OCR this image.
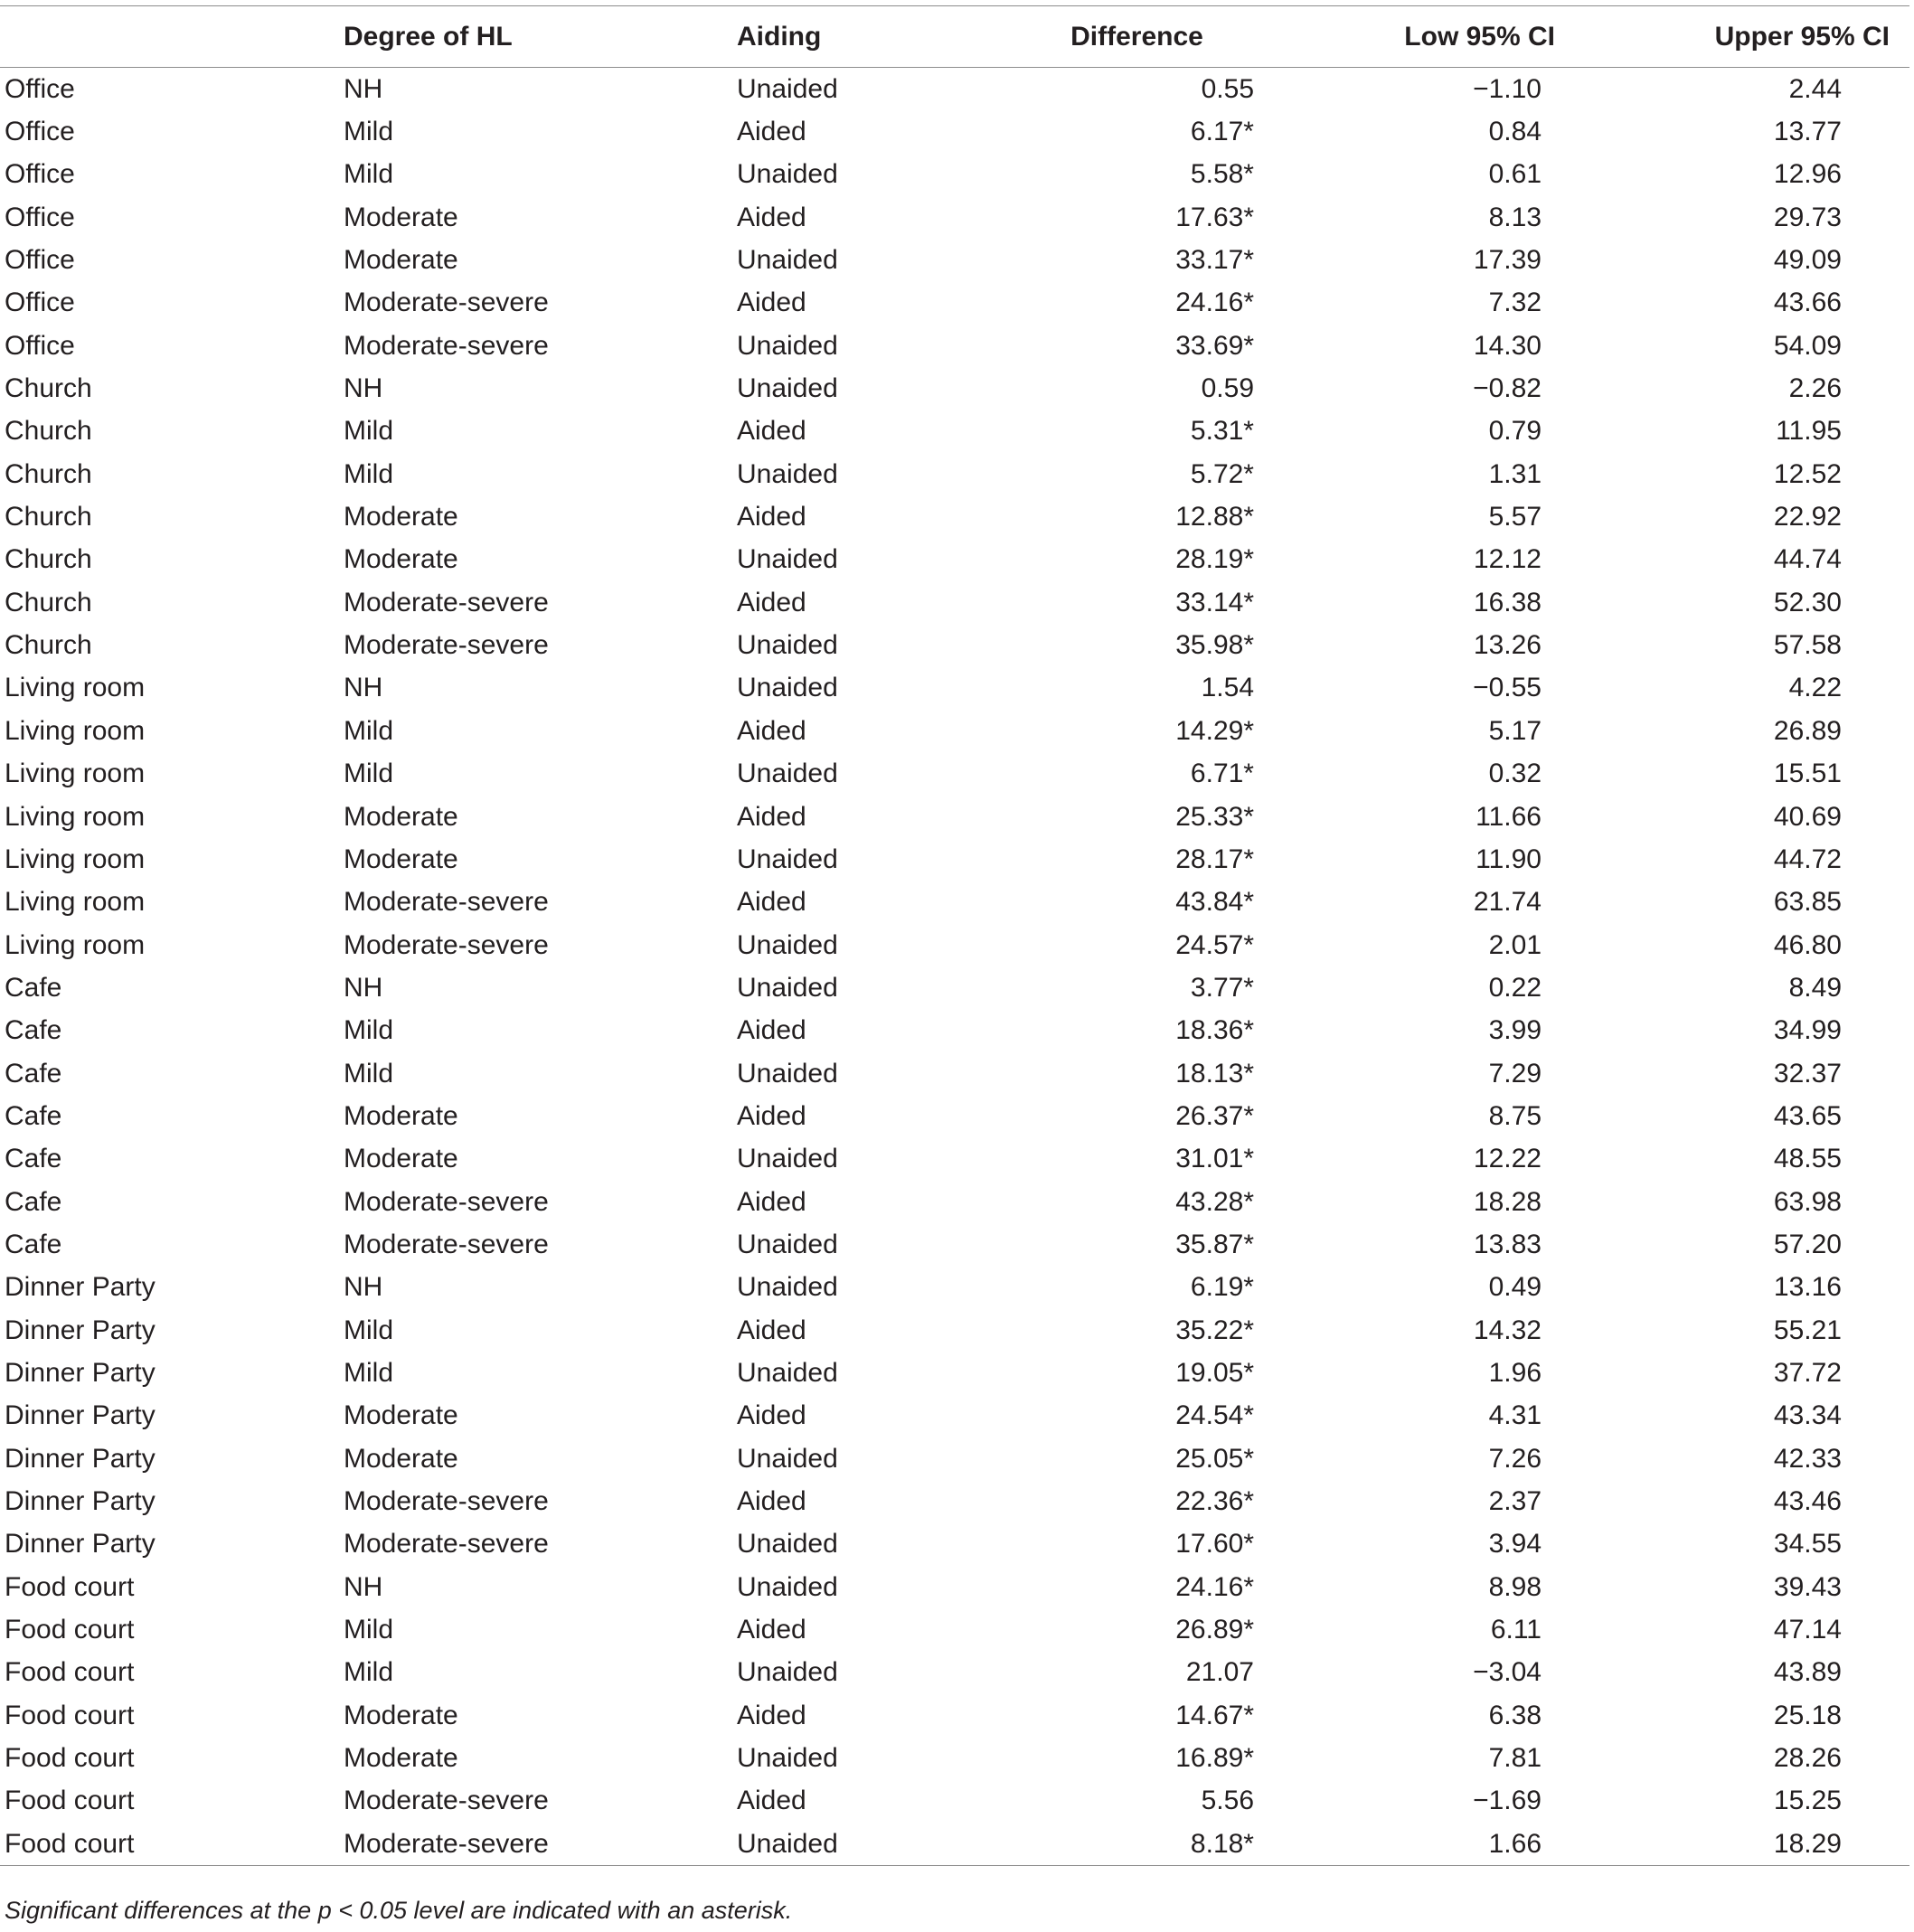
	Degree of HL	Aiding	Difference	Low 95% CI	Upper 95% CI
Office	NH	Unaided	0.55	−1.10	2.44
Office	Mild	Aided	6.17*	0.84	13.77
Office	Mild	Unaided	5.58*	0.61	12.96
Office	Moderate	Aided	17.63*	8.13	29.73
Office	Moderate	Unaided	33.17*	17.39	49.09
Office	Moderate-severe	Aided	24.16*	7.32	43.66
Office	Moderate-severe	Unaided	33.69*	14.30	54.09
Church	NH	Unaided	0.59	−0.82	2.26
Church	Mild	Aided	5.31*	0.79	11.95
Church	Mild	Unaided	5.72*	1.31	12.52
Church	Moderate	Aided	12.88*	5.57	22.92
Church	Moderate	Unaided	28.19*	12.12	44.74
Church	Moderate-severe	Aided	33.14*	16.38	52.30
Church	Moderate-severe	Unaided	35.98*	13.26	57.58
Living room	NH	Unaided	1.54	−0.55	4.22
Living room	Mild	Aided	14.29*	5.17	26.89
Living room	Mild	Unaided	6.71*	0.32	15.51
Living room	Moderate	Aided	25.33*	11.66	40.69
Living room	Moderate	Unaided	28.17*	11.90	44.72
Living room	Moderate-severe	Aided	43.84*	21.74	63.85
Living room	Moderate-severe	Unaided	24.57*	2.01	46.80
Cafe	NH	Unaided	3.77*	0.22	8.49
Cafe	Mild	Aided	18.36*	3.99	34.99
Cafe	Mild	Unaided	18.13*	7.29	32.37
Cafe	Moderate	Aided	26.37*	8.75	43.65
Cafe	Moderate	Unaided	31.01*	12.22	48.55
Cafe	Moderate-severe	Aided	43.28*	18.28	63.98
Cafe	Moderate-severe	Unaided	35.87*	13.83	57.20
Dinner Party	NH	Unaided	6.19*	0.49	13.16
Dinner Party	Mild	Aided	35.22*	14.32	55.21
Dinner Party	Mild	Unaided	19.05*	1.96	37.72
Dinner Party	Moderate	Aided	24.54*	4.31	43.34
Dinner Party	Moderate	Unaided	25.05*	7.26	42.33
Dinner Party	Moderate-severe	Aided	22.36*	2.37	43.46
Dinner Party	Moderate-severe	Unaided	17.60*	3.94	34.55
Food court	NH	Unaided	24.16*	8.98	39.43
Food court	Mild	Aided	26.89*	6.11	47.14
Food court	Mild	Unaided	21.07	−3.04	43.89
Food court	Moderate	Aided	14.67*	6.38	25.18
Food court	Moderate	Unaided	16.89*	7.81	28.26
Food court	Moderate-severe	Aided	5.56	−1.69	15.25
Food court	Moderate-severe	Unaided	8.18*	1.66	18.29
Significant differences at the p < 0.05 level are indicated with an asterisk.
